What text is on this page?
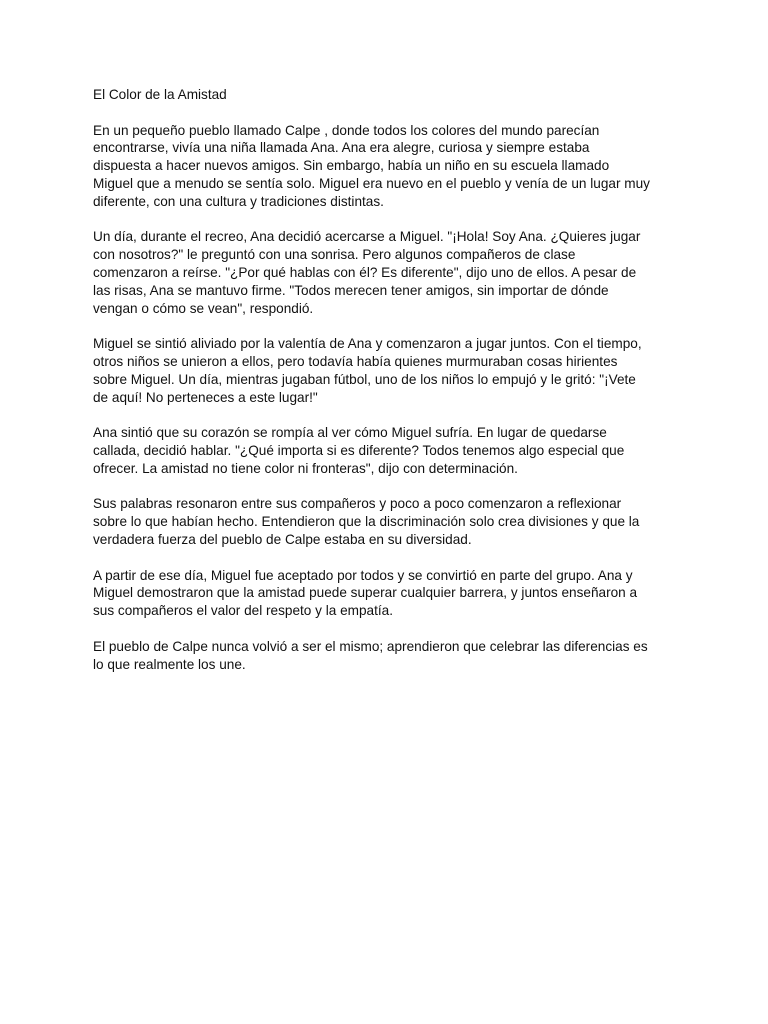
El Color de la Amistad
En un pequeño pueblo llamado Calpe , donde todos los colores del mundo parecían
encontrarse, vivía una niña llamada Ana. Ana era alegre, curiosa y siempre estaba
dispuesta a hacer nuevos amigos. Sin embargo, había un niño en su escuela llamado
Miguel que a menudo se sentía solo. Miguel era nuevo en el pueblo y venía de un lugar muy
diferente, con una cultura y tradiciones distintas.
Un día, durante el recreo, Ana decidió acercarse a Miguel. "¡Hola! Soy Ana. ¿Quieres jugar
con nosotros?" le preguntó con una sonrisa. Pero algunos compañeros de clase
comenzaron a reírse. "¿Por qué hablas con él? Es diferente", dijo uno de ellos. A pesar de
las risas, Ana se mantuvo firme. "Todos merecen tener amigos, sin importar de dónde
vengan o cómo se vean", respondió.
Miguel se sintió aliviado por la valentía de Ana y comenzaron a jugar juntos. Con el tiempo,
otros niños se unieron a ellos, pero todavía había quienes murmuraban cosas hirientes
sobre Miguel. Un día, mientras jugaban fútbol, uno de los niños lo empujó y le gritó: "¡Vete
de aquí! No perteneces a este lugar!"
Ana sintió que su corazón se rompía al ver cómo Miguel sufría. En lugar de quedarse
callada, decidió hablar. "¿Qué importa si es diferente? Todos tenemos algo especial que
ofrecer. La amistad no tiene color ni fronteras", dijo con determinación.
Sus palabras resonaron entre sus compañeros y poco a poco comenzaron a reflexionar
sobre lo que habían hecho. Entendieron que la discriminación solo crea divisiones y que la
verdadera fuerza del pueblo de Calpe estaba en su diversidad.
A partir de ese día, Miguel fue aceptado por todos y se convirtió en parte del grupo. Ana y
Miguel demostraron que la amistad puede superar cualquier barrera, y juntos enseñaron a
sus compañeros el valor del respeto y la empatía.
El pueblo de Calpe nunca volvió a ser el mismo; aprendieron que celebrar las diferencias es
lo que realmente los une.
